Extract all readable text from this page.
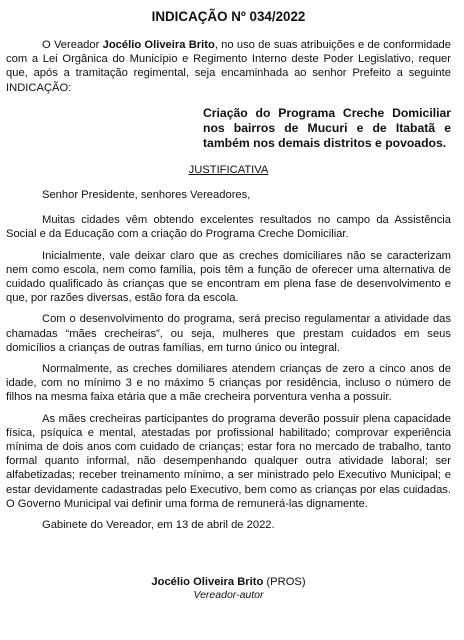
INDICAÇÃO Nº 034/2022

O Vereador Jocélio Oliveira Brito, no uso de suas atribuições e de conformidade com a Lei Orgânica do Município e Regimento Interno deste Poder Legislativo, requer que, após a tramitação regimental, seja encaminhada ao senhor Prefeito a seguinte INDICAÇÃO:

Criação do Programa Creche Domiciliar nos bairros de Mucuri e de Itabatã e também nos demais distritos e povoados.
JUSTIFICATIVA

Senhor Presidente, senhores Vereadores,

Muitas cidades vêm obtendo excelentes resultados no campo da Assistência Social e da Educação com a criação do Programa Creche Domiciliar.

Inicialmente, vale deixar claro que as creches domiciliares não se caracterizam nem como escola, nem como família, pois têm a função de oferecer uma alternativa de cuidado qualificado às crianças que se encontram em plena fase de desenvolvimento e que, por razões diversas, estão fora da escola.

Com o desenvolvimento do programa, será preciso regulamentar a atividade das chamadas “mães crecheiras”, ou seja, mulheres que prestam cuidados em seus domicílios a crianças de outras famílias, em turno único ou integral.

Normalmente, as creches domiliares atendem crianças de zero a cinco anos de idade, com no mínimo 3 e no máximo 5 crianças por residência, incluso o número de filhos na mesma faixa etária que a mãe crecheira porventura venha a possuir.

As mães crecheiras participantes do programa deverão possuir plena capacidade física, psíquica e mental, atestadas por profissional habilitado; comprovar experiência mínima de dois anos com cuidado de crianças; estar fora no mercado de trabalho, tanto formal quanto informal, não desempenhando qualquer outra atividade laboral; ser alfabetizadas; receber treinamento mínimo, a ser ministrado pelo Executivo Municipal; e estar devidamente cadastradas pelo Executivo, bem como as crianças por elas cuidadas. O Governo Municipal vai definir uma forma de remunerá-las dignamente.

Gabinete do Vereador, em 13 de abril de 2022.

Jocélio Oliveira Brito (PROS)
Vereador-autor
